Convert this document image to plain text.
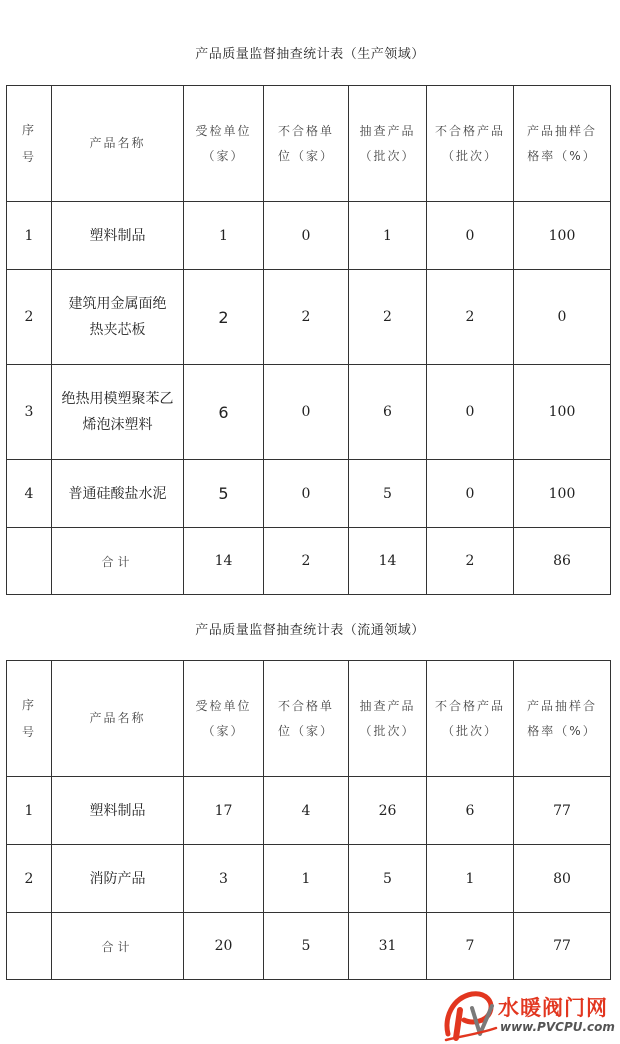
产品质量监督抽查统计表（生产领域）
序号	产品名称	受检单位（家）	不合格单位（家）	抽查产品（批次）	不合格产品（批次）	产品抽样合格率（%）
1	塑料制品	1	0	1	0	100
2	建筑用金属面绝热夹芯板	2	2	2	2	0
3	绝热用模塑聚苯乙烯泡沫塑料	6	0	6	0	100
4	普通硅酸盐水泥	5	0	5	0	100
	合计	14	2	14	2	86
产品质量监督抽查统计表（流通领域）
序号	产品名称	受检单位（家）	不合格单位（家）	抽查产品（批次）	不合格产品（批次）	产品抽样合格率（%）
1	塑料制品	17	4	26	6	77
2	消防产品	3	1	5	1	80
	合计	20	5	31	7	77
水暖阀门网
www.PVCPU.com
